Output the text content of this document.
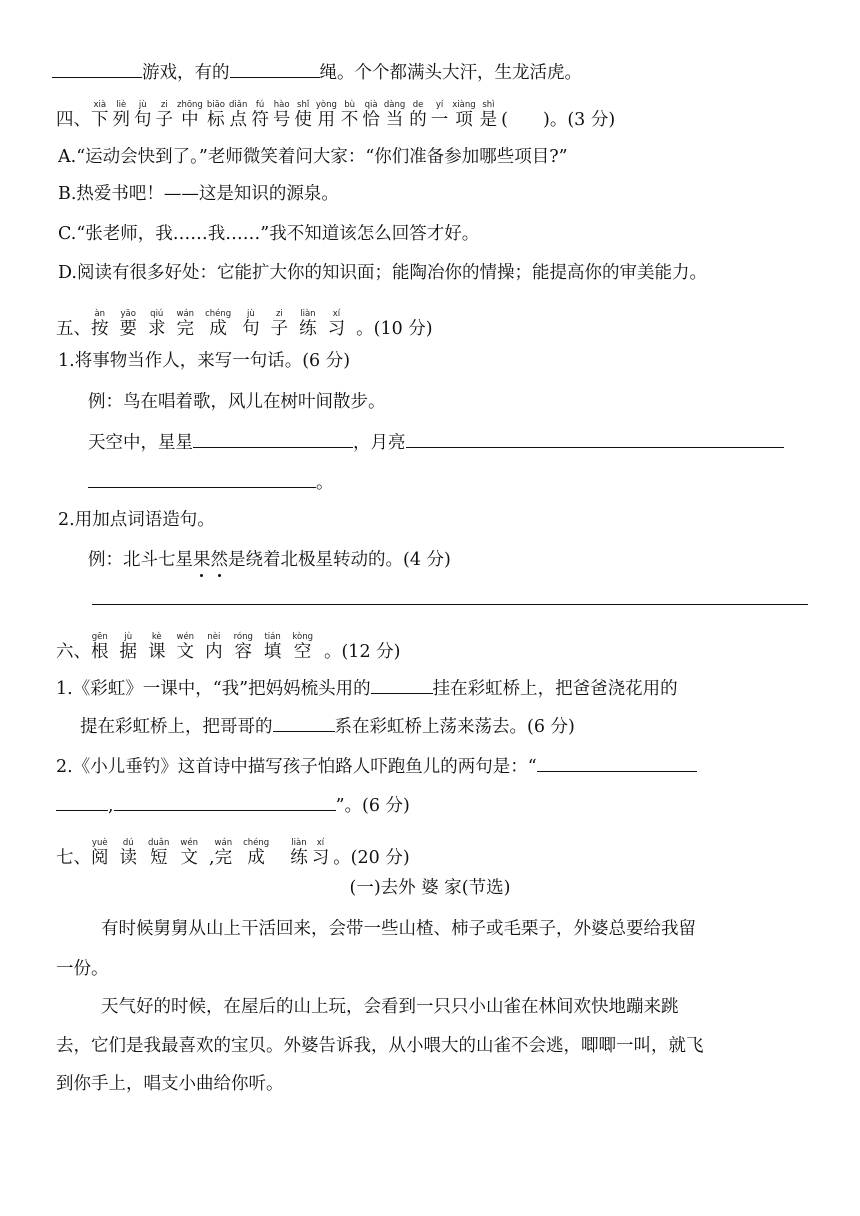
游戏，有的	绳。个个都满头大汗，生龙活虎。
四、下xià列liè句jù子zi中zhōng标biāo点diǎn符fú号hào使shǐ用yòng不bù恰qià当dàng的de一yí项xiàng是shì(　　)。(3 分)
A.“运动会快到了。”老师微笑着问大家：“你们准备参加哪些项目?”
B.热爱书吧！——这是知识的源泉。
C.“张老师，我……我……”我不知道该怎么回答才好。
D.阅读有很多好处：它能扩大你的知识面；能陶冶你的情操；能提高你的审美能力。
五、按àn要yāo求qiú完wán成chéng句jù子zi练liàn习xí。(10 分)
1.将事物当作人，来写一句话。(6 分)
例：鸟在唱着歌，风儿在树叶间散步。
天空中，星星	，月亮
。
2.用加点词语造句。
例：北斗七星果然是绕着北极星转动的。(4 分)
六、根gēn据jù课kè文wén内nèi容róng填tián空kòng。(12 分)
1.《彩虹》一课中，“我”把妈妈梳头用的	挂在彩虹桥上，把爸爸浇花用的
提在彩虹桥上，把哥哥的	系在彩虹桥上荡来荡去。(6 分)
2.《小儿垂钓》这首诗中描写孩子怕路人吓跑鱼儿的两句是：“
,	”。(6 分)
七、阅yuè读dú短duǎn文wén,完wán成chéng练liàn习xí。(20 分)
(一)去外 婆 家(节选)
有时候舅舅从山上干活回来，会带一些山楂、柿子或毛栗子，外婆总要给我留
一份。
天气好的时候，在屋后的山上玩，会看到一只只小山雀在林间欢快地蹦来跳
去，它们是我最喜欢的宝贝。外婆告诉我，从小喂大的山雀不会逃，唧唧一叫，就飞
到你手上，唱支小曲给你听。
